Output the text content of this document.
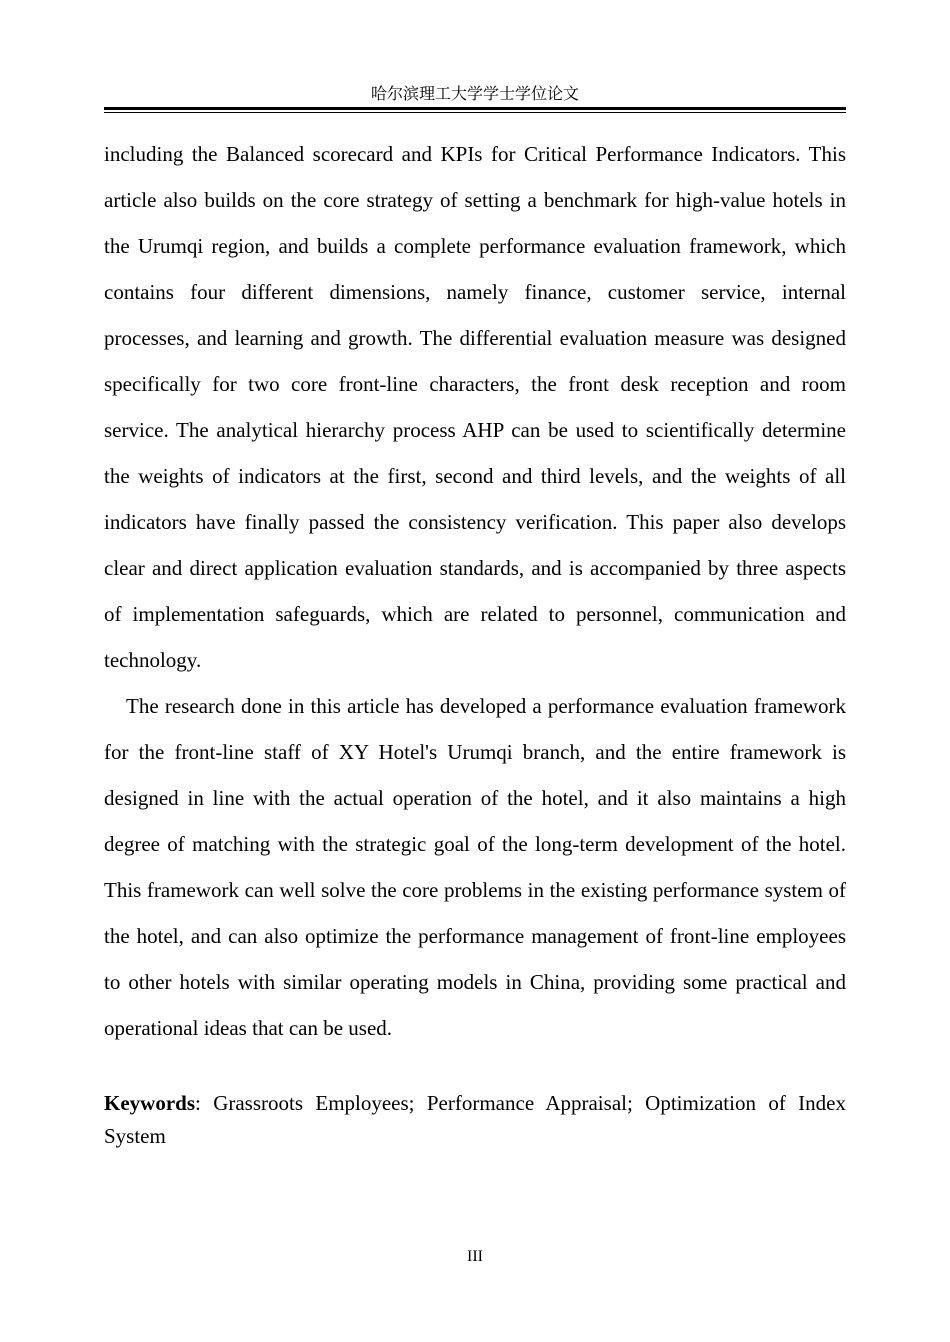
哈尔滨理工大学学士学位论文

including the Balanced scorecard and KPIs for Critical Performance Indicators. This article also builds on the core strategy of setting a benchmark for high-value hotels in the Urumqi region, and builds a complete performance evaluation framework, which contains four different dimensions, namely finance, customer service, internal processes, and learning and growth. The differential evaluation measure was designed specifically for two core front-line characters, the front desk reception and room service. The analytical hierarchy process AHP can be used to scientifically determine the weights of indicators at the first, second and third levels, and the weights of all indicators have finally passed the consistency verification. This paper also develops clear and direct application evaluation standards, and is accompanied by three aspects of implementation safeguards, which are related to personnel, communication and technology.

The research done in this article has developed a performance evaluation framework for the front-line staff of XY Hotel's Urumqi branch, and the entire framework is designed in line with the actual operation of the hotel, and it also maintains a high degree of matching with the strategic goal of the long-term development of the hotel. This framework can well solve the core problems in the existing performance system of the hotel, and can also optimize the performance management of front-line employees to other hotels with similar operating models in China, providing some practical and operational ideas that can be used.

Keywords: Grassroots Employees; Performance Appraisal; Optimization of Index System
III
